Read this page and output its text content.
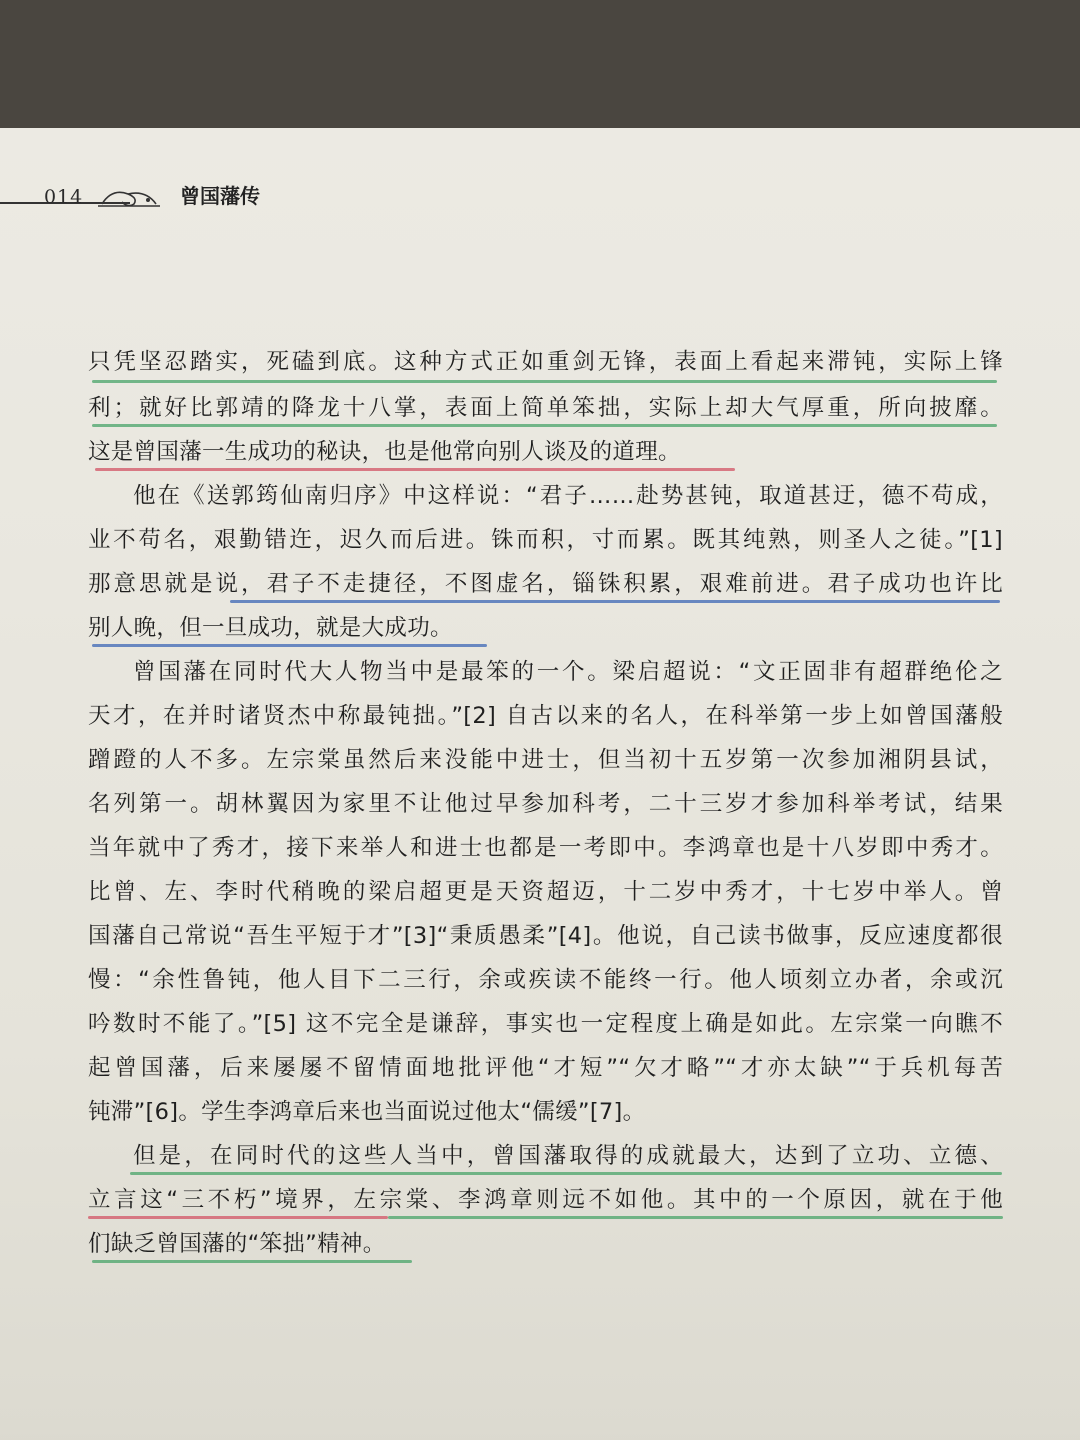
014	曾国藩传
只凭坚忍踏实，死磕到底。这种方式正如重剑无锋，表面上看起来滞钝，实际上锋
利；就好比郭靖的降龙十八掌，表面上简单笨拙，实际上却大气厚重，所向披靡。
这是曾国藩一生成功的秘诀，也是他常向别人谈及的道理。
他在《送郭筠仙南归序》中这样说：“君子……赴势甚钝，取道甚迂，德不苟成，
业不苟名，艰勤错迕，迟久而后进。铢而积，寸而累。既其纯熟，则圣人之徒。”[1]
那意思就是说，君子不走捷径，不图虚名，锱铢积累，艰难前进。君子成功也许比
别人晚，但一旦成功，就是大成功。
曾国藩在同时代大人物当中是最笨的一个。梁启超说：“文正固非有超群绝伦之
天才，在并时诸贤杰中称最钝拙。”[2] 自古以来的名人，在科举第一步上如曾国藩般
蹭蹬的人不多。左宗棠虽然后来没能中进士，但当初十五岁第一次参加湘阴县试，
名列第一。胡林翼因为家里不让他过早参加科考，二十三岁才参加科举考试，结果
当年就中了秀才，接下来举人和进士也都是一考即中。李鸿章也是十八岁即中秀才。
比曾、左、李时代稍晚的梁启超更是天资超迈，十二岁中秀才，十七岁中举人。曾
国藩自己常说“吾生平短于才”[3]“秉质愚柔”[4]。他说，自己读书做事，反应速度都很
慢：“余性鲁钝，他人目下二三行，余或疾读不能终一行。他人顷刻立办者，余或沉
吟数时不能了。”[5] 这不完全是谦辞，事实也一定程度上确是如此。左宗棠一向瞧不
起曾国藩，后来屡屡不留情面地批评他“才短”“欠才略”“才亦太缺”“于兵机每苦
钝滞”[6]。学生李鸿章后来也当面说过他太“儒缓”[7]。
但是，在同时代的这些人当中，曾国藩取得的成就最大，达到了立功、立德、
立言这“三不朽”境界，左宗棠、李鸿章则远不如他。其中的一个原因，就在于他
们缺乏曾国藩的“笨拙”精神。
